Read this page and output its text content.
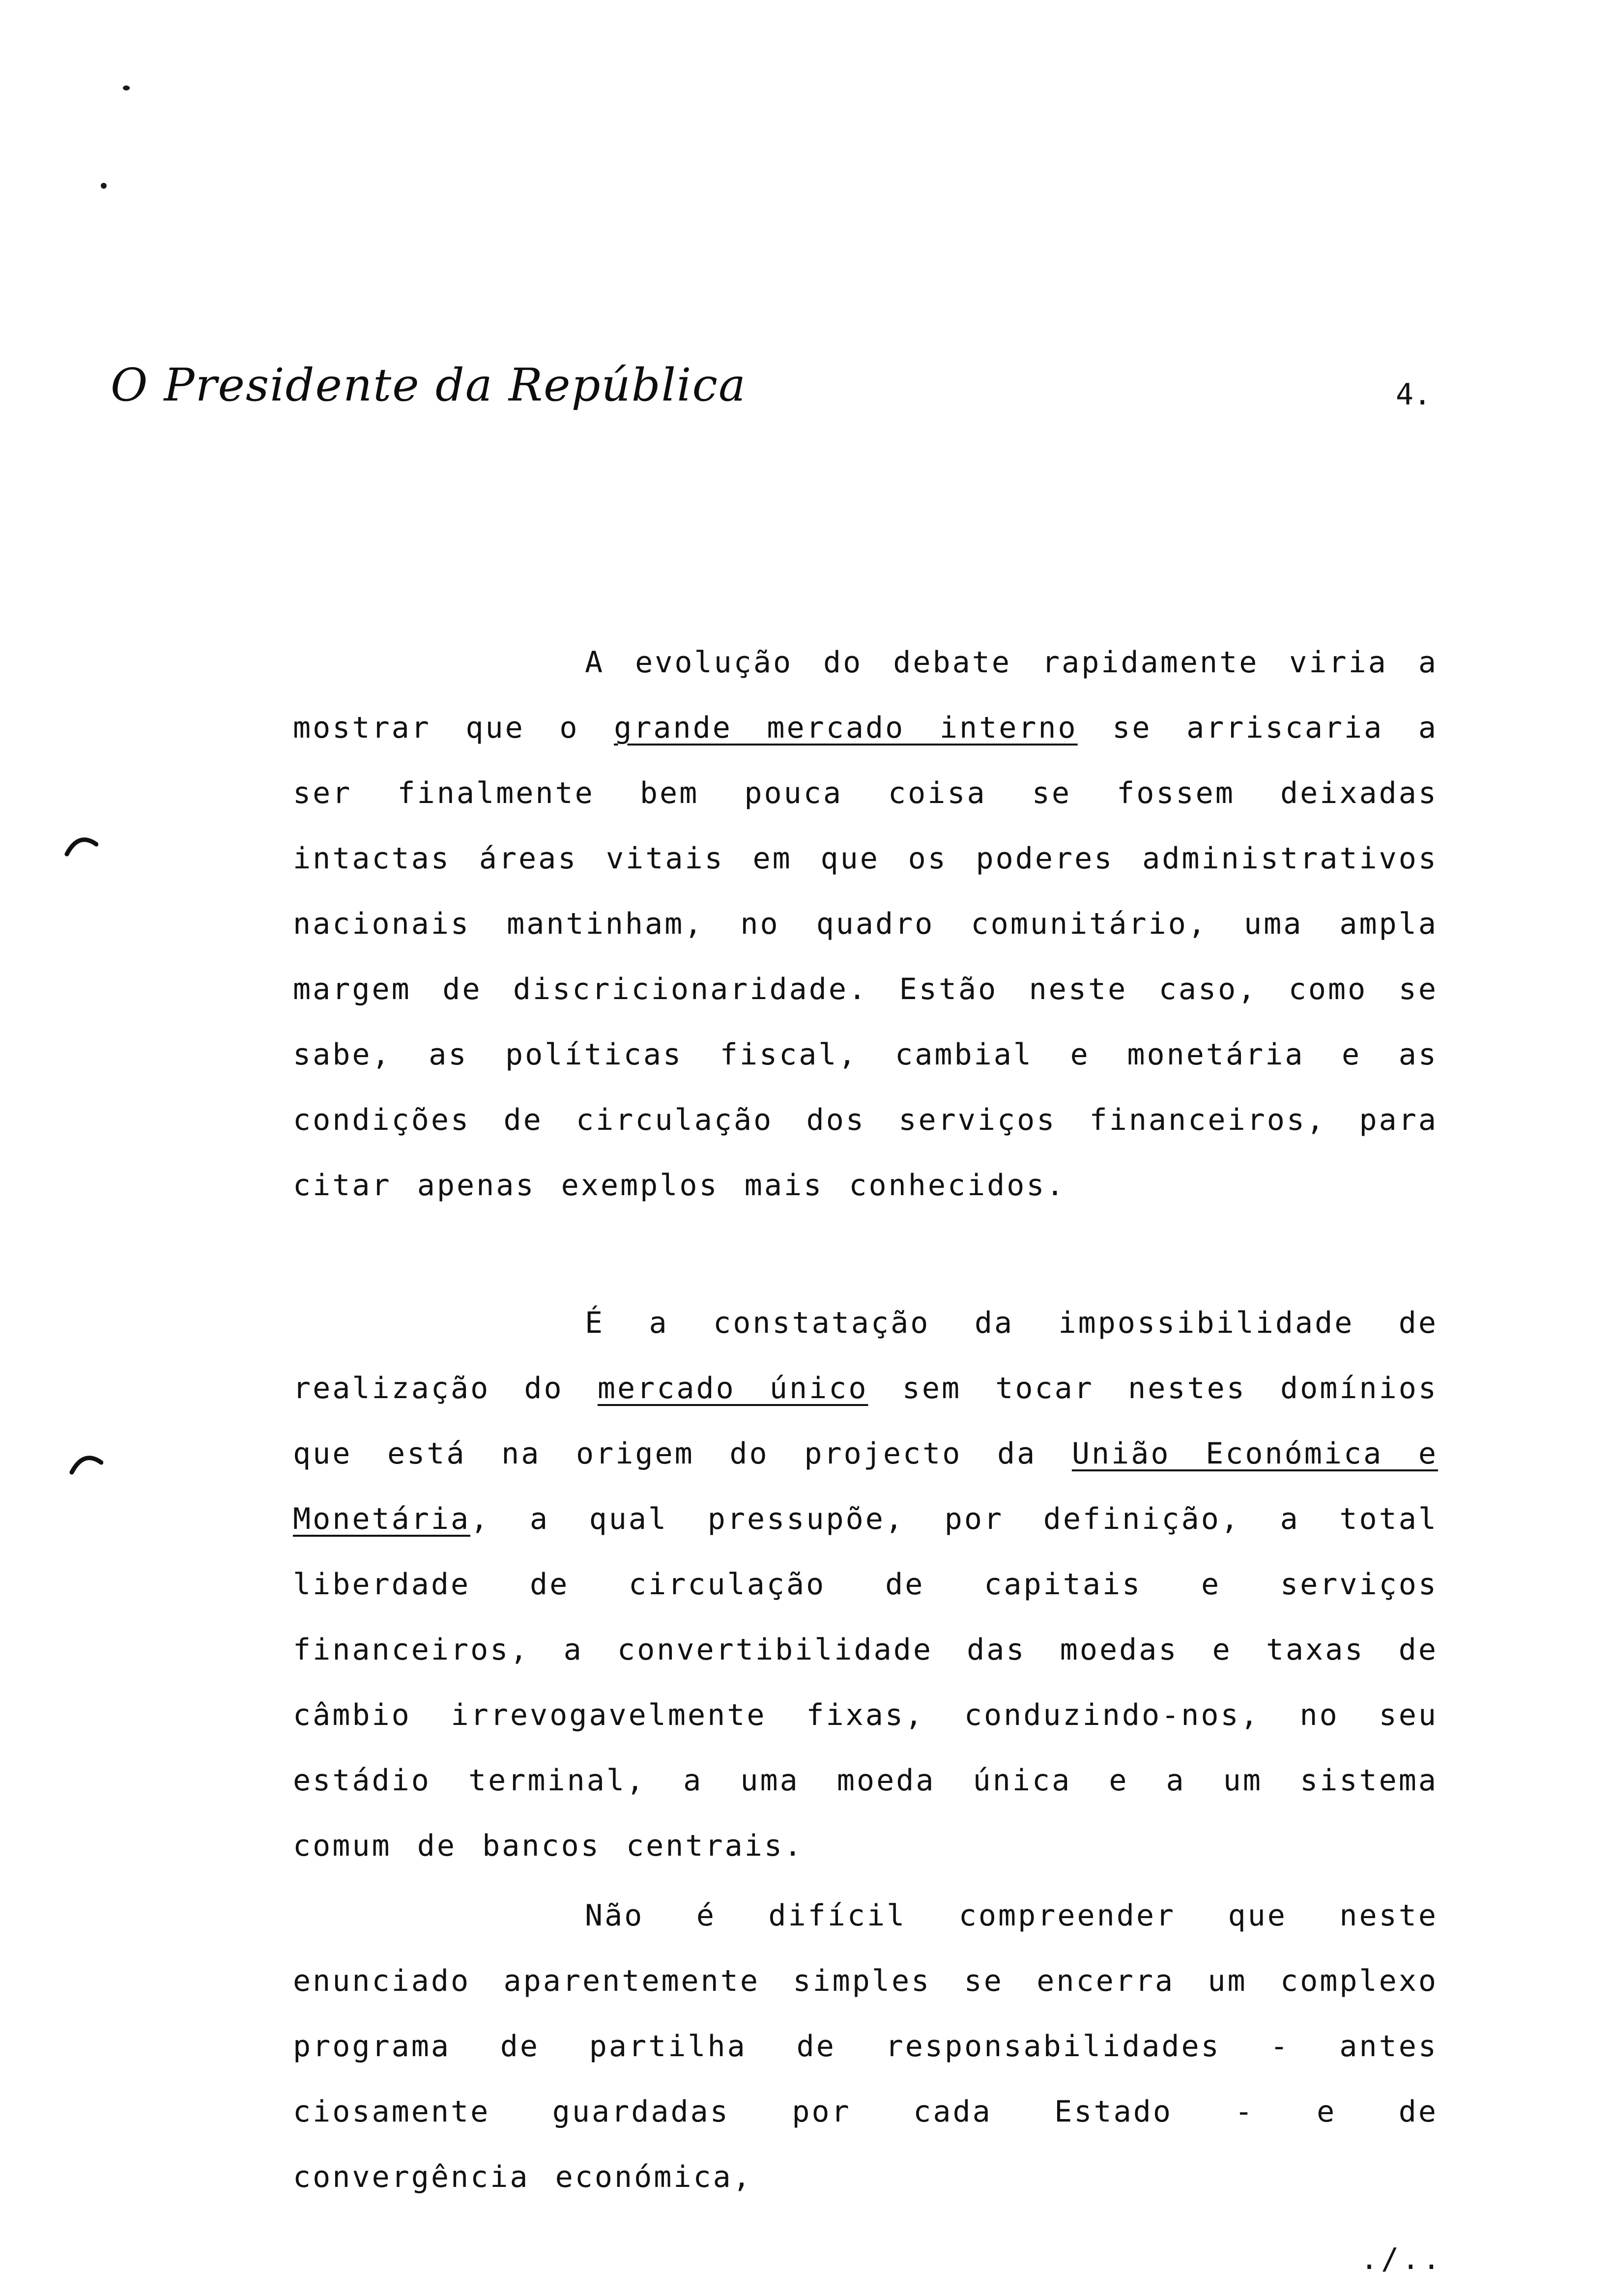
O Presidente da República	4.
A evolução do debate rapidamente viria a mostrar que o grande mercado interno se arriscaria a ser finalmente bem pouca coisa se fossem deixadas intactas áreas vitais em que os poderes administrativos nacionais mantinham, no quadro comunitário, uma ampla margem de discricionaridade. Estão neste caso, como se sabe, as políticas fiscal, cambial e monetária e as condições de circulação dos serviços financeiros, para citar apenas exemplos mais conhecidos.
É a constatação da impossibilidade de realização do mercado único sem tocar nestes domínios que está na origem do projecto da União Económica e Monetária, a qual pressupõe, por definição, a total liberdade de circulação de capitais e serviços financeiros, a convertibilidade das moedas e taxas de câmbio irrevogavelmente fixas, conduzindo-nos, no seu estádio terminal, a uma moeda única e a um sistema comum de bancos centrais.
Não é difícil compreender que neste enunciado aparentemente simples se encerra um complexo programa de partilha de responsabilidades - antes ciosamente guardadas por cada Estado - e de convergência económica,
./..
